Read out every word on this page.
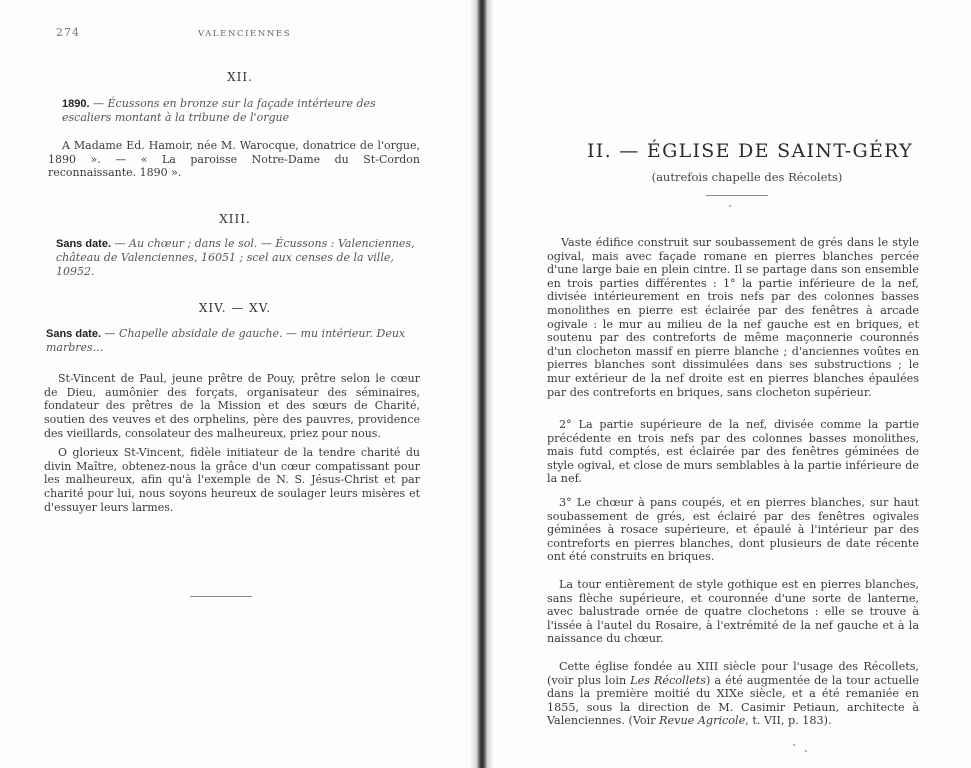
274	VALENCIENNES
XII.
1890. — Écussons en bronze sur la façade intérieure des escaliers montant à la tribune de l'orgue
A Madame Ed. Hamoir, née M. Warocque, donatrice de l'orgue, 1890 ». — « La paroisse Notre-Dame du St-Cordon reconnaissante. 1890 ».
XIII.
Sans date. — Au chœur ; dans le sol. — Écussons : Valenciennes, château de Valenciennes, 16051 ; scel aux censes de la ville, 10952.
XIV. — XV.
Sans date. — Chapelle absidale de gauche. — mu intérieur. Deux marbres...
St-Vincent de Paul, jeune prêtre de Pouy, prêtre selon le cœur de Dieu, aumônier des forçats, organisateur des séminaires, fondateur des prêtres de la Mission et des sœurs de Charité, soutien des veuves et des orphelins, père des pauvres, providence des vieillards, consolateur des malheureux, priez pour nous.
O glorieux St-Vincent, fidèle initiateur de la tendre charité du divin Maître, obtenez-nous la grâce d'un cœur compatissant pour les malheureux, afin qu'à l'exemple de N. S. Jésus-Christ et par charité pour lui, nous soyons heureux de soulager leurs misères et d'essuyer leurs larmes.
II. — ÉGLISE DE SAINT-GÉRY
(autrefois chapelle des Récolets)
Vaste édifice construit sur soubassement de grés dans le style ogival, mais avec façade romane en pierres blanches percée d'une large baie en plein cintre. Il se partage dans son ensemble en trois parties différentes : 1° la partie inférieure de la nef, divisée intérieurement en trois nefs par des colonnes basses monolithes en pierre est éclairée par des fenêtres à arcade ogivale : le mur au milieu de la nef gauche est en briques, et soutenu par des contreforts de même maçonnerie couronnés d'un clocheton massif en pierre blanche ; d'anciennes voûtes en pierres blanches sont dissimulées dans ses substructions ; le mur extérieur de la nef droite est en pierres blanches épaulées par des contreforts en briques, sans clocheton supérieur.
2° La partie supérieure de la nef, divisée comme la partie précédente en trois nefs par des colonnes basses monolithes, mais futd comptés, est éclairée par des fenêtres géminées de style ogival, et close de murs semblables à la partie inférieure de la nef.
3° Le chœur à pans coupés, et en pierres blanches, sur haut soubassement de grés, est éclairé par des fenêtres ogivales géminées à rosace supérieure, et épaulé à l'intérieur par des contreforts en pierres blanches, dont plusieurs de date récente ont été construits en briques.
La tour entièrement de style gothique est en pierres blanches, sans flèche supérieure, et couronnée d'une sorte de lanterne, avec balustrade ornée de quatre clochetons : elle se trouve à l'issée à l'autel du Rosaire, à l'extrémité de la nef gauche et à la naissance du chœur.
Cette église fondée au XIII siècle pour l'usage des Récollets, (voir plus loin Les Récollets) a été augmentée de la tour actuelle dans la première moitié du XIXe siècle, et a été remaniée en 1855, sous la direction de M. Casimir Petiaun, architecte à Valenciennes. (Voir Revue Agricole, t. VII, p. 183).
